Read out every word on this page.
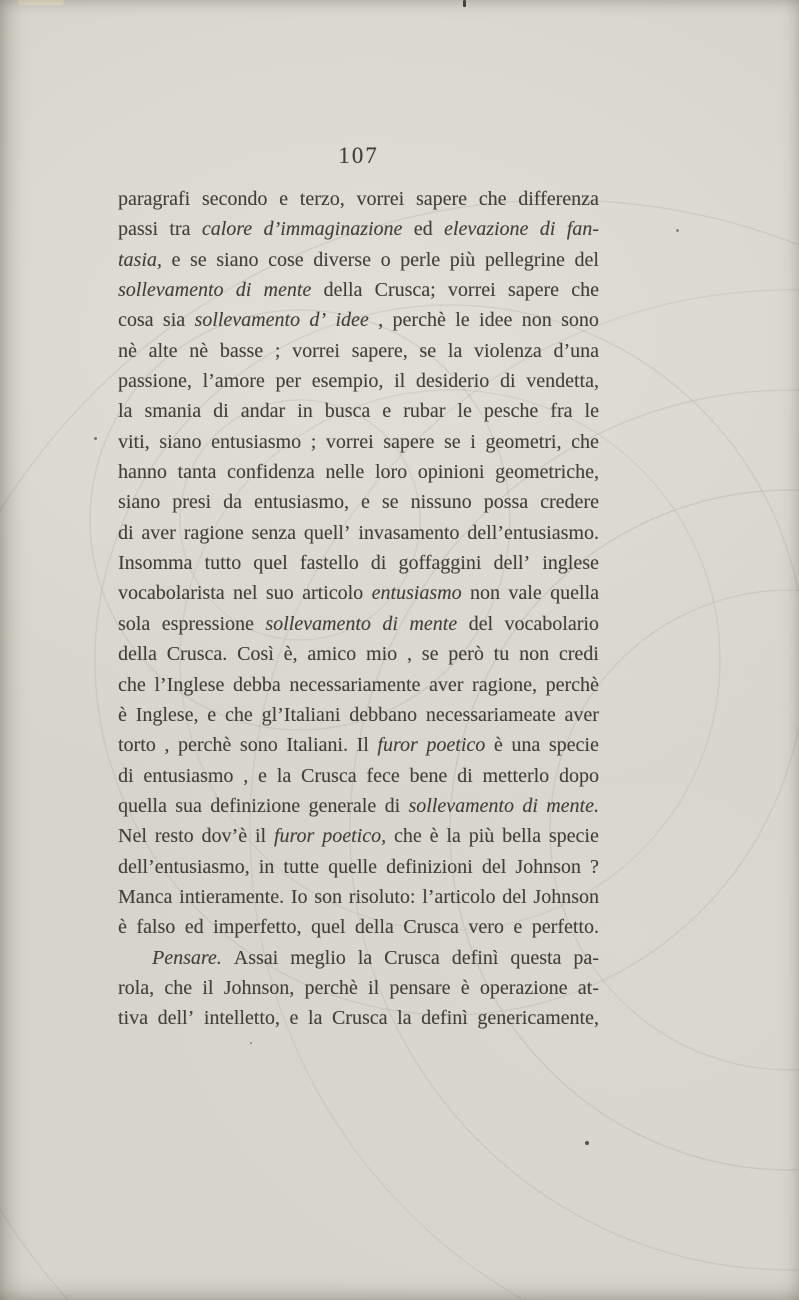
107
paragrafi secondo e terzo, vorrei sapere che differenza
passi tra calore d’immaginazione ed elevazione di fan-
tasia, e se siano cose diverse o perle più pellegrine del
sollevamento di mente della Crusca; vorrei sapere che
cosa sia sollevamento d’ idee , perchè le idee non sono
nè alte nè basse ; vorrei sapere, se la violenza d’una
passione, l’amore per esempio, il desiderio di vendetta,
la smania di andar in busca e rubar le pesche fra le
viti, siano entusiasmo ; vorrei sapere se i geometri, che
hanno tanta confidenza nelle loro opinioni geometriche,
siano presi da entusiasmo, e se nissuno possa credere
di aver ragione senza quell’ invasamento dell’entusiasmo.
Insomma tutto quel fastello di goffaggini dell’ inglese
vocabolarista nel suo articolo entusiasmo non vale quella
sola espressione sollevamento di mente del vocabolario
della Crusca. Così è, amico mio , se però tu non credi
che l’Inglese debba necessariamente aver ragione, perchè
è Inglese, e che gl’Italiani debbano necessariameate aver
torto , perchè sono Italiani. Il furor poetico è una specie
di entusiasmo , e la Crusca fece bene di metterlo dopo
quella sua definizione generale di sollevamento di mente.
Nel resto dov’è il furor poetico, che è la più bella specie
dell’entusiasmo, in tutte quelle definizioni del Johnson ?
Manca intieramente. Io son risoluto: l’articolo del Johnson
è falso ed imperfetto, quel della Crusca vero e perfetto.
Pensare. Assai meglio la Crusca definì questa pa-
rola, che il Johnson, perchè il pensare è operazione at-
tiva dell’ intelletto, e la Crusca la definì genericamente,
